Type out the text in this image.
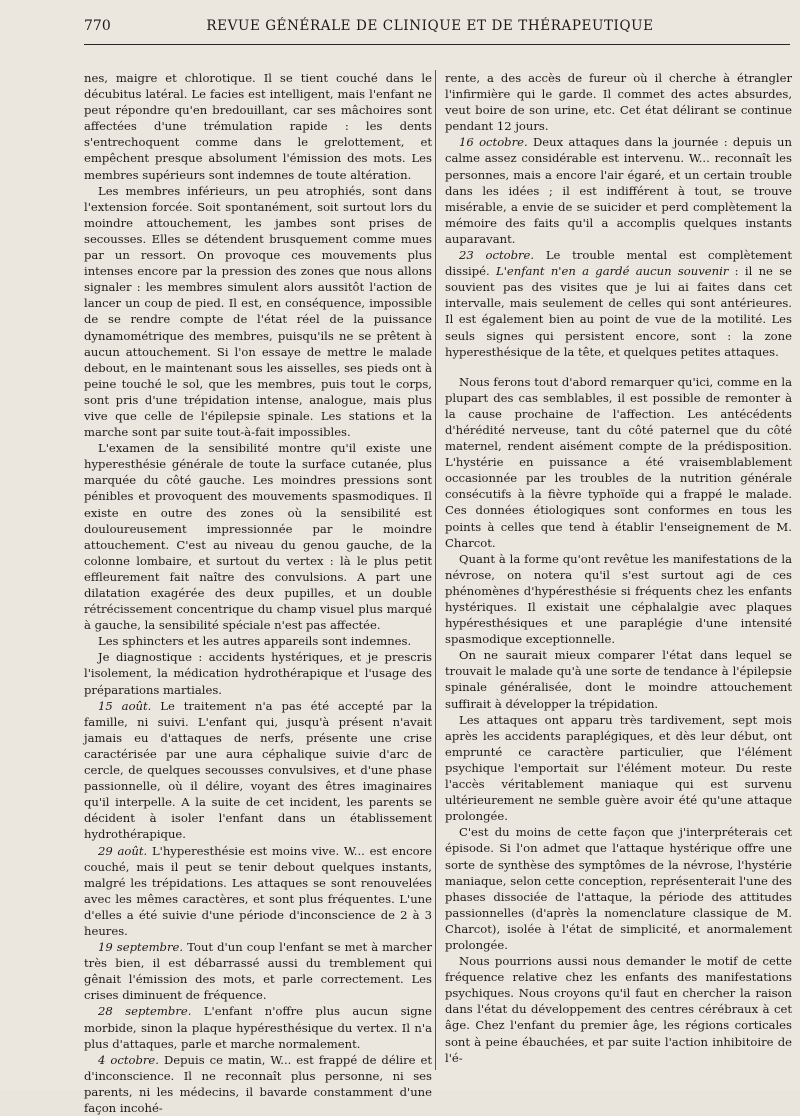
770	REVUE GÉNÉRALE DE CLINIQUE ET DE THÉRAPEUTIQUE

nes, maigre et chlorotique. Il se tient couché dans le décubitus latéral. Le facies est intelligent, mais l'enfant ne peut répondre qu'en bredouillant, car ses mâchoires sont affectées d'une trémulation rapide : les dents s'entrechoquent comme dans le grelottement, et empêchent presque absolument l'émission des mots. Les membres supérieurs sont indemnes de toute altération.

Les membres inférieurs, un peu atrophiés, sont dans l'extension forcée. Soit spontanément, soit surtout lors du moindre attouchement, les jambes sont prises de secousses. Elles se détendent brusquement comme mues par un ressort. On provoque ces mouvements plus intenses encore par la pression des zones que nous allons signaler : les membres simulent alors aussitôt l'action de lancer un coup de pied. Il est, en conséquence, impossible de se rendre compte de l'état réel de la puissance dynamométrique des membres, puisqu'ils ne se prêtent à aucun attouchement. Si l'on essaye de mettre le malade debout, en le maintenant sous les aisselles, ses pieds ont à peine touché le sol, que les membres, puis tout le corps, sont pris d'une trépidation intense, analogue, mais plus vive que celle de l'épilepsie spinale. Les stations et la marche sont par suite tout-à-fait impossibles.

L'examen de la sensibilité montre qu'il existe une hyperesthésie générale de toute la surface cutanée, plus marquée du côté gauche. Les moindres pressions sont pénibles et provoquent des mouvements spasmodiques. Il existe en outre des zones où la sensibilité est douloureusement impressionnée par le moindre attouchement. C'est au niveau du genou gauche, de la colonne lombaire, et surtout du vertex : là le plus petit effleurement fait naître des convulsions. A part une dilatation exagérée des deux pupilles, et un double rétrécissement concentrique du champ visuel plus marqué à gauche, la sensibilité spéciale n'est pas affectée.

Les sphincters et les autres appareils sont indemnes.

Je diagnostique : accidents hystériques, et je prescris l'isolement, la médication hydrothérapique et l'usage des préparations martiales.

15 août. Le traitement n'a pas été accepté par la famille, ni suivi. L'enfant qui, jusqu'à présent n'avait jamais eu d'attaques de nerfs, présente une crise caractérisée par une aura céphalique suivie d'arc de cercle, de quelques secousses convulsives, et d'une phase passionnelle, où il délire, voyant des êtres imaginaires qu'il interpelle. A la suite de cet incident, les parents se décident à isoler l'enfant dans un établissement hydrothérapique.

29 août. L'hyperesthésie est moins vive. W... est encore couché, mais il peut se tenir debout quelques instants, malgré les trépidations. Les attaques se sont renouvelées avec les mêmes caractères, et sont plus fréquentes. L'une d'elles a été suivie d'une période d'inconscience de 2 à 3 heures.

19 septembre. Tout d'un coup l'enfant se met à marcher très bien, il est débarrassé aussi du tremblement qui gênait l'émission des mots, et parle correctement. Les crises diminuent de fréquence.

28 septembre. L'enfant n'offre plus aucun signe morbide, sinon la plaque hypéresthésique du vertex. Il n'a plus d'attaques, parle et marche normalement.

4 octobre. Depuis ce matin, W... est frappé de délire et d'inconscience. Il ne reconnaît plus personne, ni ses parents, ni les médecins, il bavarde constamment d'une façon incohé-

rente, a des accès de fureur où il cherche à étrangler l'infirmière qui le garde. Il commet des actes absurdes, veut boire de son urine, etc. Cet état délirant se continue pendant 12 jours.

16 octobre. Deux attaques dans la journée : depuis un calme assez considérable est intervenu. W... reconnaît les personnes, mais a encore l'air égaré, et un certain trouble dans les idées ; il est indifférent à tout, se trouve misérable, a envie de se suicider et perd complètement la mémoire des faits qu'il a accomplis quelques instants auparavant.

23 octobre. Le trouble mental est complètement dissipé. L'enfant n'en a gardé aucun souvenir : il ne se souvient pas des visites que je lui ai faites dans cet intervalle, mais seulement de celles qui sont antérieures. Il est également bien au point de vue de la motilité. Les seuls signes qui persistent encore, sont : la zone hyperesthésique de la tête, et quelques petites attaques.

Nous ferons tout d'abord remarquer qu'ici, comme en la plupart des cas semblables, il est possible de remonter à la cause prochaine de l'affection. Les antécédents d'hérédité nerveuse, tant du côté paternel que du côté maternel, rendent aisément compte de la prédisposition. L'hystérie en puissance a été vraisemblablement occasionnée par les troubles de la nutrition générale consécutifs à la fièvre typhoïde qui a frappé le malade. Ces données étiologiques sont conformes en tous les points à celles que tend à établir l'enseignement de M. Charcot.

Quant à la forme qu'ont revêtue les manifestations de la névrose, on notera qu'il s'est surtout agi de ces phénomènes d'hypéresthésie si fréquents chez les enfants hystériques. Il existait une céphalalgie avec plaques hypéresthésiques et une paraplégie d'une intensité spasmodique exceptionnelle.

On ne saurait mieux comparer l'état dans lequel se trouvait le malade qu'à une sorte de tendance à l'épilepsie spinale généralisée, dont le moindre attouchement suffirait à développer la trépidation.

Les attaques ont apparu très tardivement, sept mois après les accidents paraplégiques, et dès leur début, ont emprunté ce caractère particulier, que l'élément psychique l'emportait sur l'élément moteur. Du reste l'accès véritablement maniaque qui est survenu ultérieurement ne semble guère avoir été qu'une attaque prolongée.

C'est du moins de cette façon que j'interpréterais cet épisode. Si l'on admet que l'attaque hystérique offre une sorte de synthèse des symptômes de la névrose, l'hystérie maniaque, selon cette conception, représenterait l'une des phases dissociée de l'attaque, la période des attitudes passionnelles (d'après la nomenclature classique de M. Charcot), isolée à l'état de simplicité, et anormalement prolongée.

Nous pourrions aussi nous demander le motif de cette fréquence relative chez les enfants des manifestations psychiques. Nous croyons qu'il faut en chercher la raison dans l'état du développement des centres cérébraux à cet âge. Chez l'enfant du premier âge, les régions corticales sont à peine ébauchées, et par suite l'action inhibitoire de l'é-
